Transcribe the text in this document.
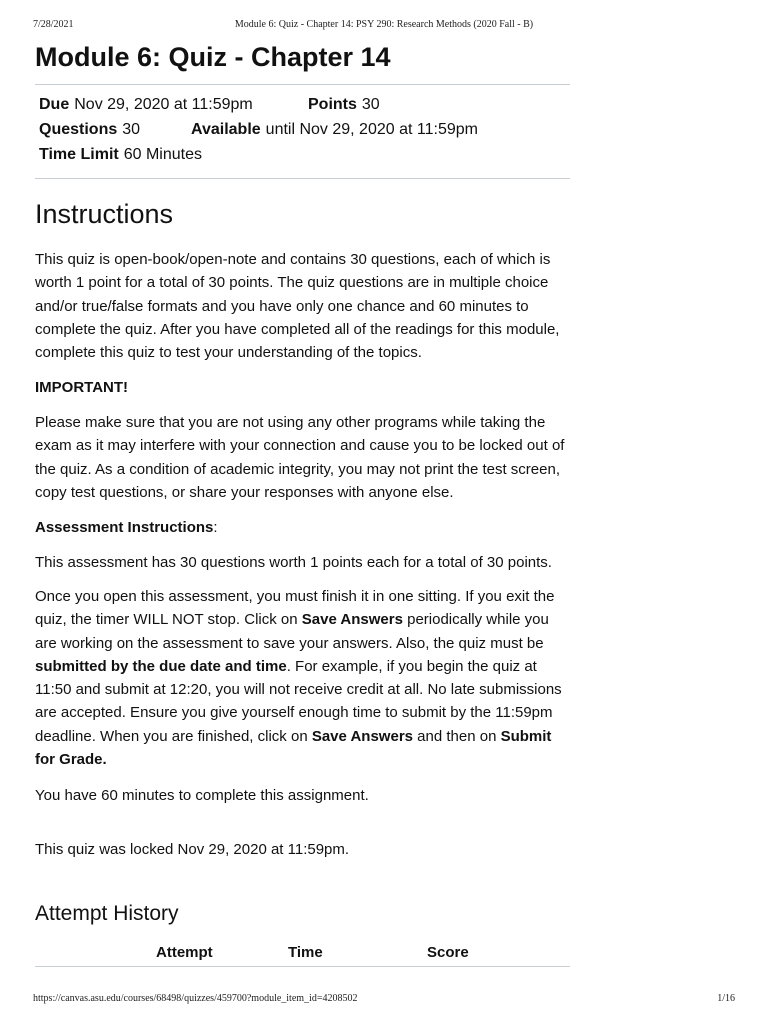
7/28/2021	Module 6: Quiz - Chapter 14: PSY 290: Research Methods (2020 Fall - B)
Module 6: Quiz - Chapter 14
Due Nov 29, 2020 at 11:59pm	Points 30
Questions 30	Available until Nov 29, 2020 at 11:59pm
Time Limit 60 Minutes
Instructions

This quiz is open-book/open-note and contains 30 questions, each of which is worth 1 point for a total of 30 points. The quiz questions are in multiple choice and/or true/false formats and you have only one chance and 60 minutes to complete the quiz. After you have completed all of the readings for this module, complete this quiz to test your understanding of the topics.

IMPORTANT!

Please make sure that you are not using any other programs while taking the exam as it may interfere with your connection and cause you to be locked out of the quiz. As a condition of academic integrity, you may not print the test screen, copy test questions, or share your responses with anyone else.

Assessment Instructions:

This assessment has 30 questions worth 1 points each for a total of 30 points.

Once you open this assessment, you must finish it in one sitting. If you exit the quiz, the timer WILL NOT stop. Click on Save Answers periodically while you are working on the assessment to save your answers. Also, the quiz must be submitted by the due date and time. For example, if you begin the quiz at 11:50 and submit at 12:20, you will not receive credit at all. No late submissions are accepted. Ensure you give yourself enough time to submit by the 11:59pm deadline. When you are finished, click on Save Answers and then on Submit for Grade.

You have 60 minutes to complete this assignment.

This quiz was locked Nov 29, 2020 at 11:59pm.

Attempt History
Attempt	Time	Score
https://canvas.asu.edu/courses/68498/quizzes/459700?module_item_id=4208502	1/16
